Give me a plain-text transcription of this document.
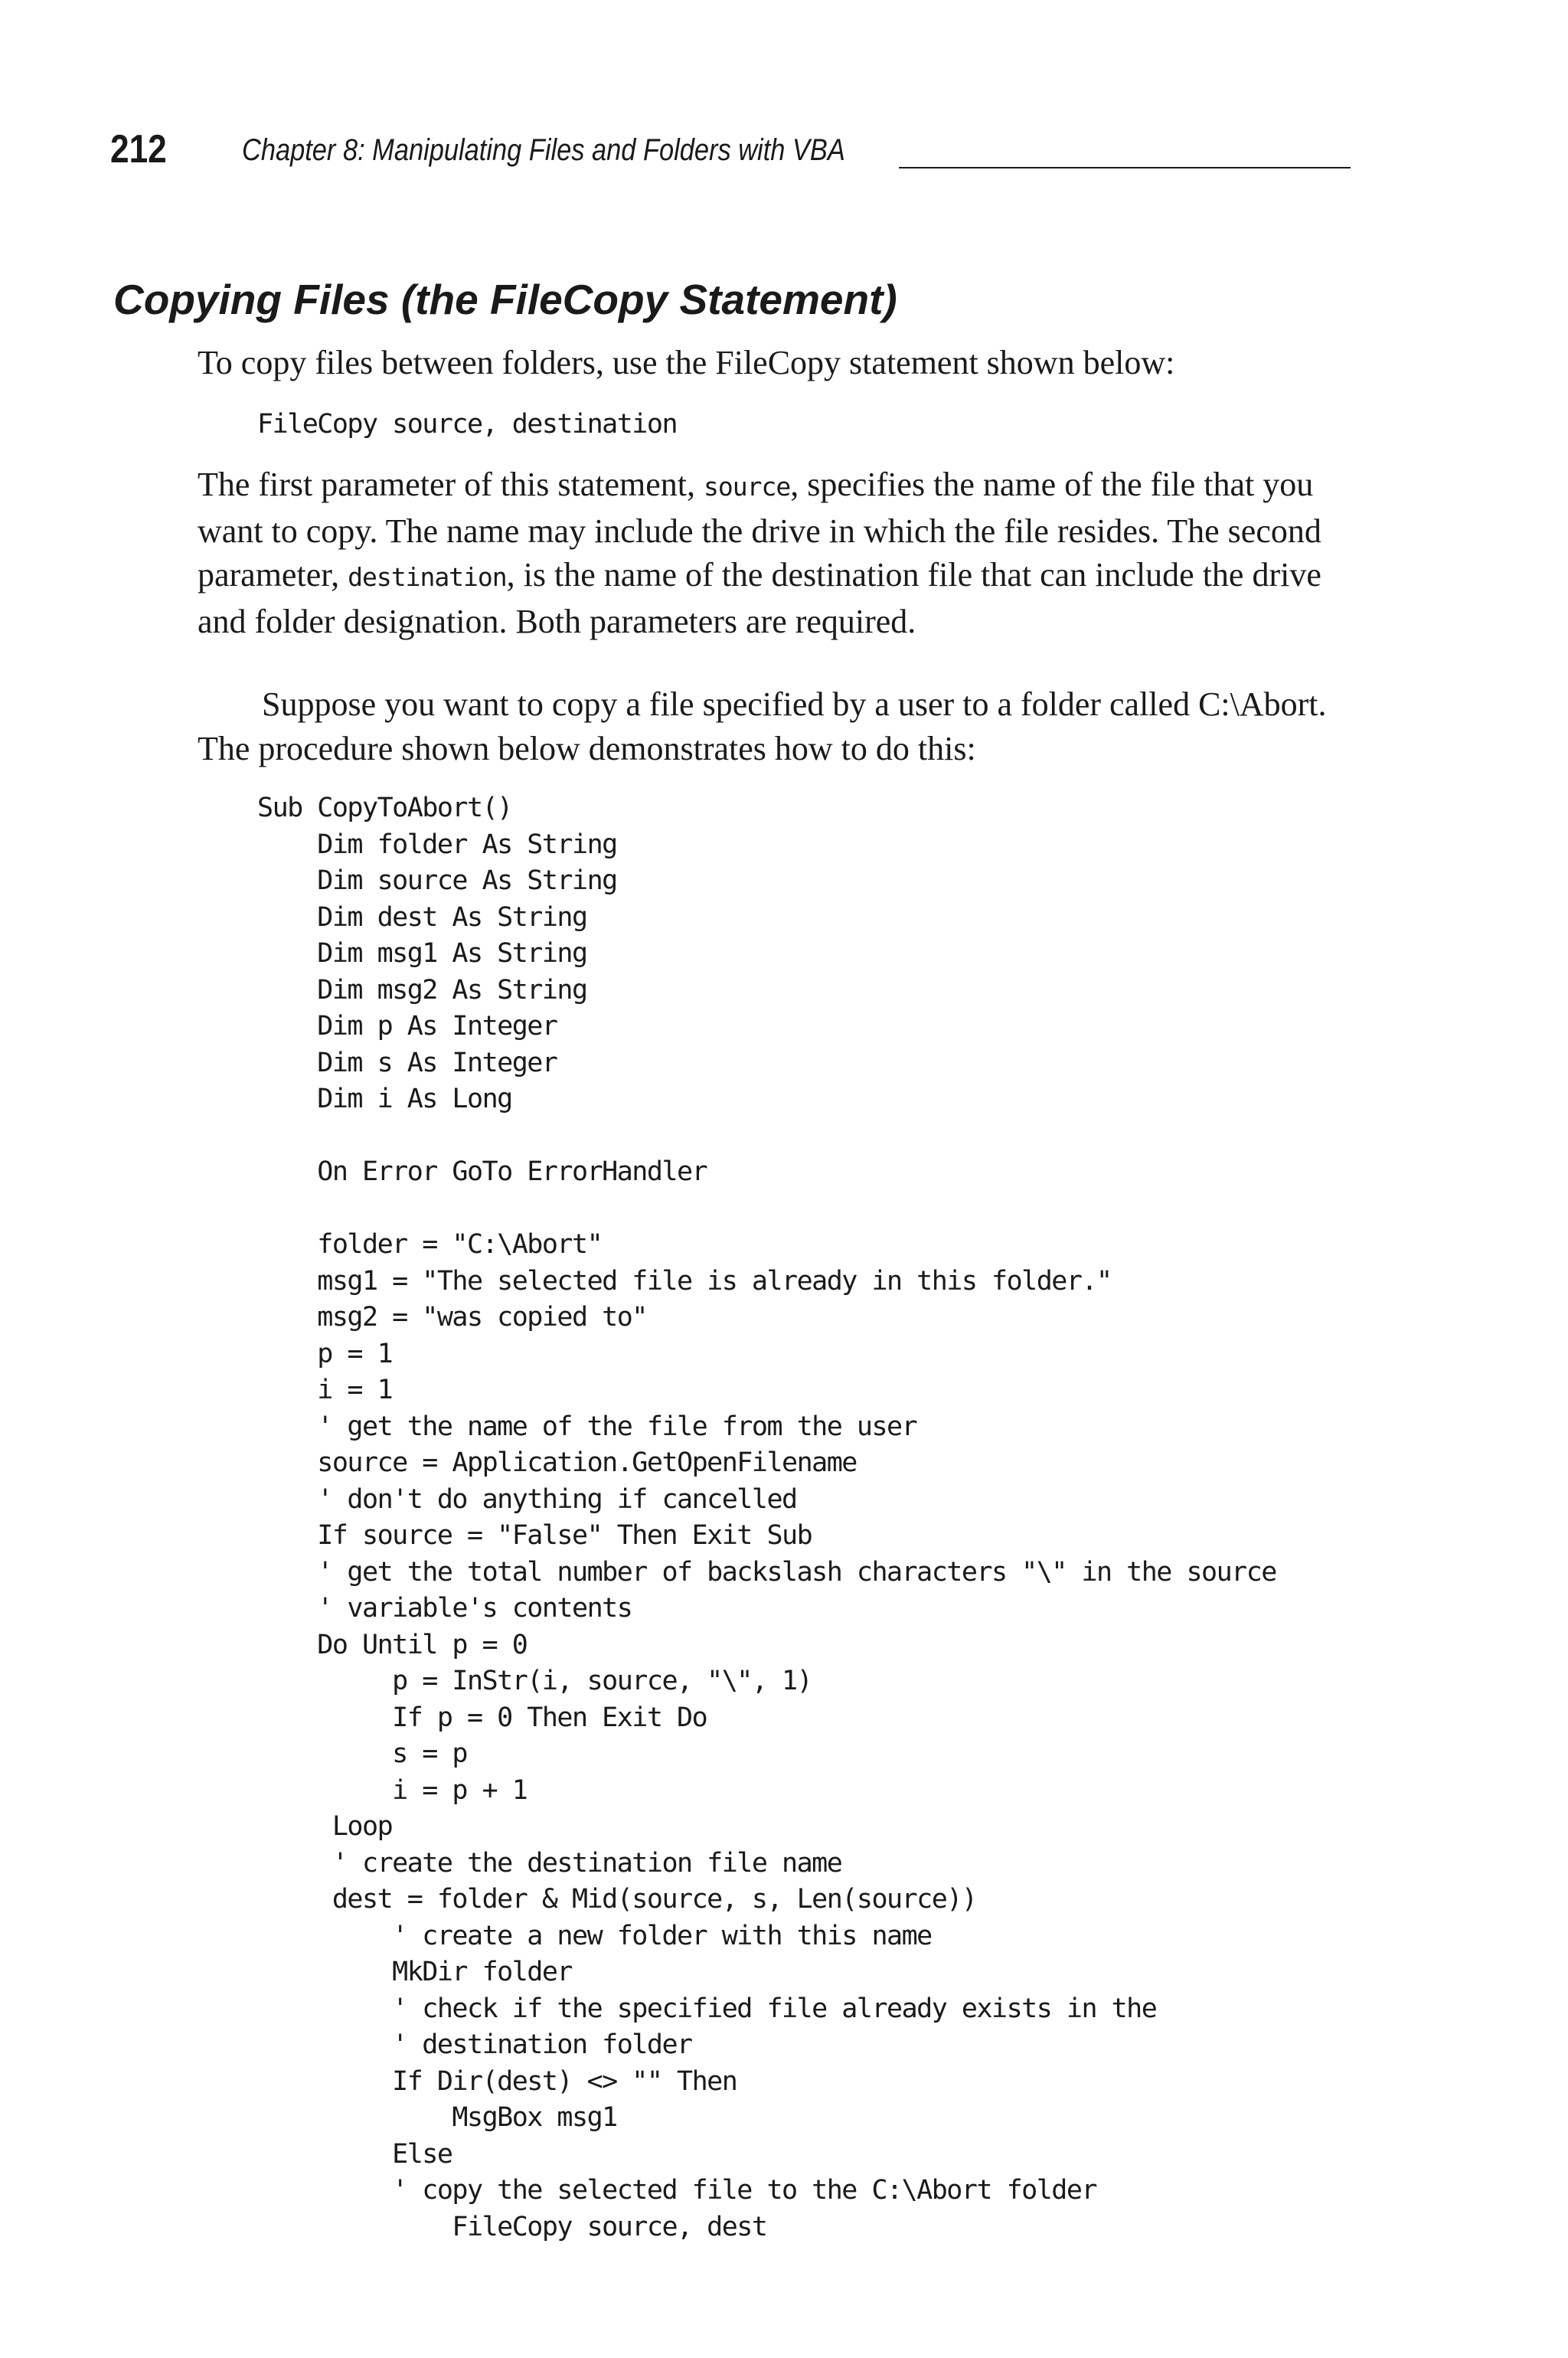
212 Chapter 8: Manipulating Files and Folders with VBA
Copying Files (the FileCopy Statement)

To copy files between folders, use the FileCopy statement shown below:

FileCopy source, destination

The first parameter of this statement, source, specifies the name of the file that you want to copy. The name may include the drive in which the file resides. The second parameter, destination, is the name of the destination file that can include the drive and folder designation. Both parameters are required.

Suppose you want to copy a file specified by a user to a folder called C:\Abort. The procedure shown below demonstrates how to do this:

Sub CopyToAbort()
Dim folder As String
Dim source As String
Dim dest As String
Dim msg1 As String
Dim msg2 As String
Dim p As Integer
Dim s As Integer
Dim i As Long

On Error GoTo ErrorHandler

folder = "C:\Abort"
msg1 = "The selected file is already in this folder."
msg2 = "was copied to"
p = 1
i = 1
' get the name of the file from the user
source = Application.GetOpenFilename
' don't do anything if cancelled
If source = "False" Then Exit Sub
' get the total number of backslash characters "\" in the source
' variable's contents
Do Until p = 0
p = InStr(i, source, "\", 1)
If p = 0 Then Exit Do
s = p
i = p + 1
Loop
' create the destination file name
dest = folder & Mid(source, s, Len(source))
' create a new folder with this name
MkDir folder
' check if the specified file already exists in the
' destination folder
If Dir(dest) <> "" Then
MsgBox msg1
Else
' copy the selected file to the C:\Abort folder
FileCopy source, dest
